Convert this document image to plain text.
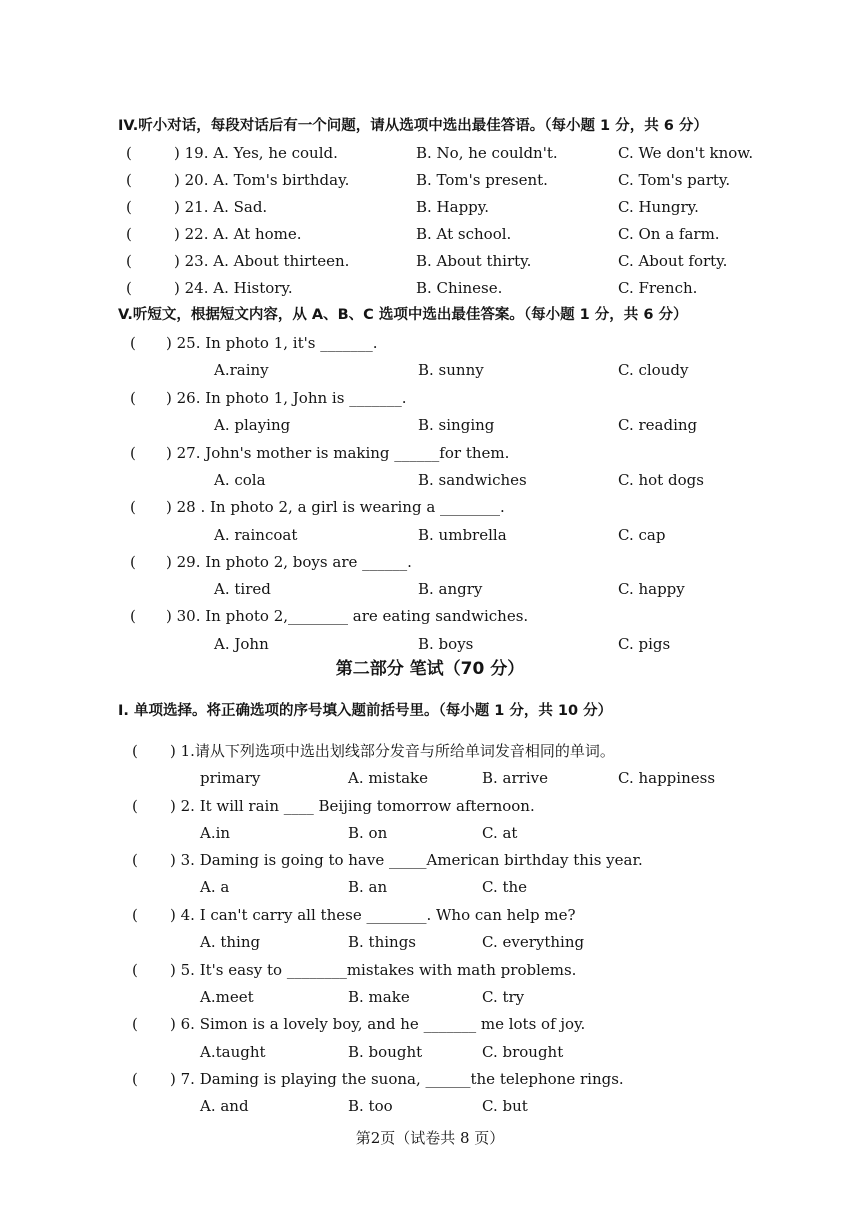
IV.听小对话，每段对话后有一个问题，请从选项中选出最佳答语。（每小题 1 分，共 6 分）
(	) 19. A. Yes, he could.	B. No, he couldn't.	C. We don't know.
(	) 20. A. Tom's birthday.	B. Tom's present.	C. Tom's party.
(	) 21. A. Sad.	B. Happy.	C. Hungry.
(	) 22. A. At home.	B. At school.	C. On a farm.
(	) 23. A. About thirteen.	B. About thirty.	C. About forty.
(	) 24. A. History.	B. Chinese.	C. French.
V.听短文，根据短文内容，从 A、B、C 选项中选出最佳答案。（每小题 1 分，共 6 分）
( ) 25. In photo 1, it's _______.
A.rainy	B. sunny	C. cloudy
( ) 26. In photo 1, John is _______.
A. playing	B. singing	C. reading
( ) 27. John's mother is making ______for them.
A. cola	B. sandwiches	C. hot dogs
( ) 28 . In photo 2, a girl is wearing a ________.
A. raincoat	B. umbrella	C. cap
( ) 29. In photo 2, boys are ______.
A. tired	B. angry	C. happy
( ) 30. In photo 2,________ are eating sandwiches.
A. John	B. boys	C. pigs
第二部分 笔试（70 分）
I. 单项选择。将正确选项的序号填入题前括号里。（每小题 1 分，共 10 分）
( ) 1.请从下列选项中选出划线部分发音与所给单词发音相同的单词。
primary	A. mistake	B. arrive	C. happiness
( ) 2. It will rain ____ Beijing tomorrow afternoon.
A.in	B. on	C. at
( ) 3. Daming is going to have _____American birthday this year.
A. a	B. an	C. the
( ) 4. I can't carry all these ________. Who can help me?
A. thing	B. things	C. everything
( ) 5. It's easy to ________mistakes with math problems.
A.meet	B. make	C. try
( ) 6. Simon is a lovely boy, and he _______ me lots of joy.
A.taught	B. bought	C. brought
( ) 7. Daming is playing the suona, ______the telephone rings.
A. and	B. too	C. but
第2页（试卷共 8 页）
